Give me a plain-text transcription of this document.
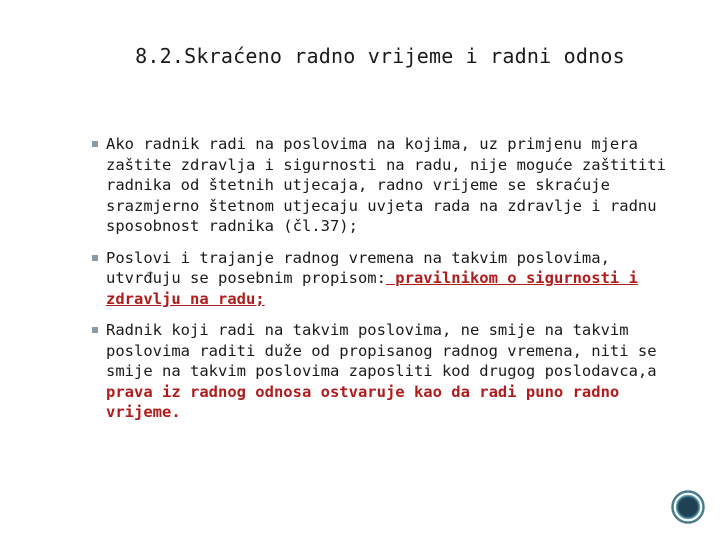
8.2.Skraćeno radno vrijeme i radni odnos
Ako radnik radi na poslovima na kojima, uz primjenu mjera zaštite zdravlja i sigurnosti na radu, nije moguće zaštititi radnika od štetnih utjecaja, radno vrijeme se skraćuje srazmjerno štetnom utjecaju uvjeta rada na zdravlje i radnu sposobnost radnika (čl.37);
Poslovi i trajanje radnog vremena na takvim poslovima, utvrđuju se posebnim propisom: pravilnikom o sigurnosti i zdravlju na radu;
Radnik koji radi na takvim poslovima, ne smije na takvim poslovima raditi duže od propisanog radnog vremena, niti se smije na takvim poslovima zaposliti kod drugog poslodavca,a prava iz radnog odnosa ostvaruje kao da radi puno radno vrijeme.
